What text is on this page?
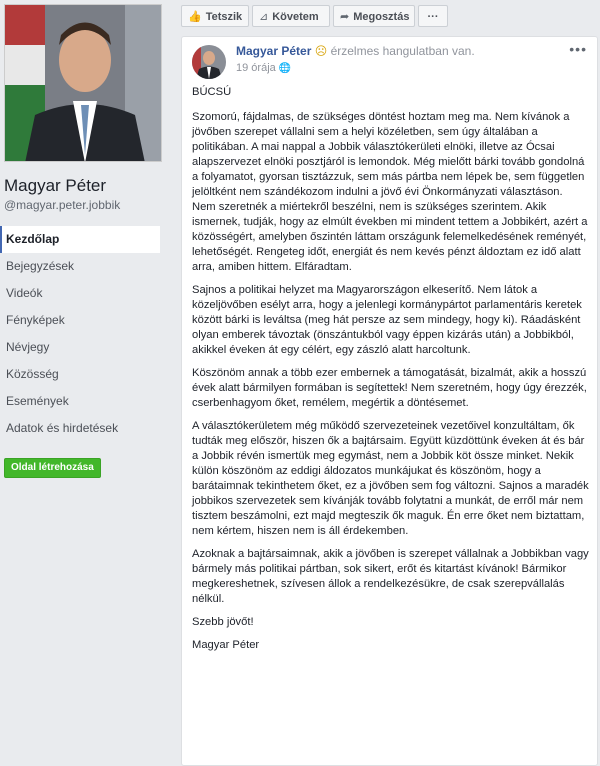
Magyar Péter
@magyar.peter.jobbik
Kezdőlap
Bejegyzések
Videók
Fényképek
Névjegy
Közösség
Események
Adatok és hirdetések
Oldal létrehozása
👍 Tetszik	⊿ Követem	➦ Megosztás	···
Magyar Péter ☹ érzelmes hangulatban van.
19 órája 🌐
•••

BÚCSÚ

Szomorú, fájdalmas, de szükséges döntést hoztam meg ma. Nem kívánok a jövőben szerepet vállalni sem a helyi közéletben, sem úgy általában a politikában. A mai nappal a Jobbik választókerületi elnöki, illetve az Ócsai alapszervezet elnöki posztjáról is lemondok. Még mielőtt bárki tovább gondolná a folyamatot, gyorsan tisztázzuk, sem más pártba nem lépek be, sem független jelöltként nem szándékozom indulni a jövő évi Önkormányzati választáson.

Nem szeretnék a miértekről beszélni, nem is szükséges szerintem. Akik ismernek, tudják, hogy az elmúlt években mi mindent tettem a Jobbikért, azért a közösségért, amelyben őszintén láttam országunk felemelkedésének reményét, lehetőségét. Rengeteg időt, energiát és nem kevés pénzt áldoztam ez idő alatt arra, amiben hittem. Elfáradtam.

Sajnos a politikai helyzet ma Magyarországon elkeserítő. Nem látok a közeljövőben esélyt arra, hogy a jelenlegi kormánypártot parlamentáris keretek között bárki is leváltsa (meg hát persze az sem mindegy, hogy ki). Ráadásként olyan emberek távoztak (önszántukból vagy éppen kizárás után) a Jobbikból, akikkel éveken át egy célért, egy zászló alatt harcoltunk.

Köszönöm annak a több ezer embernek a támogatását, bizalmát, akik a hosszú évek alatt bármilyen formában is segítettek! Nem szeretném, hogy úgy érezzék, cserbenhagyom őket, remélem, megértik a döntésemet.

A választókerületem még működő szervezeteinek vezetőivel konzultáltam, ők tudták meg először, hiszen ők a bajtársaim. Együtt küzdöttünk éveken át és bár a Jobbik révén ismertük meg egymást, nem a Jobbik köt össze minket. Nekik külön köszönöm az eddigi áldozatos munkájukat és köszönöm, hogy a barátaimnak tekinthetem őket, ez a jövőben sem fog változni. Sajnos a maradék jobbikos szervezetek sem kívánják tovább folytatni a munkát, de erről már nem tisztem beszámolni, ezt majd megteszik ők maguk. Én erre őket nem biztattam, nem kértem, hiszen nem is áll érdekemben.

Azoknak a bajtársaimnak, akik a jövőben is szerepet vállalnak a Jobbikban vagy bármely más politikai pártban, sok sikert, erőt és kitartást kívánok! Bármikor megkereshetnek, szívesen állok a rendelkezésükre, de csak szerepvállalás nélkül.

Szebb jövőt!

Magyar Péter
